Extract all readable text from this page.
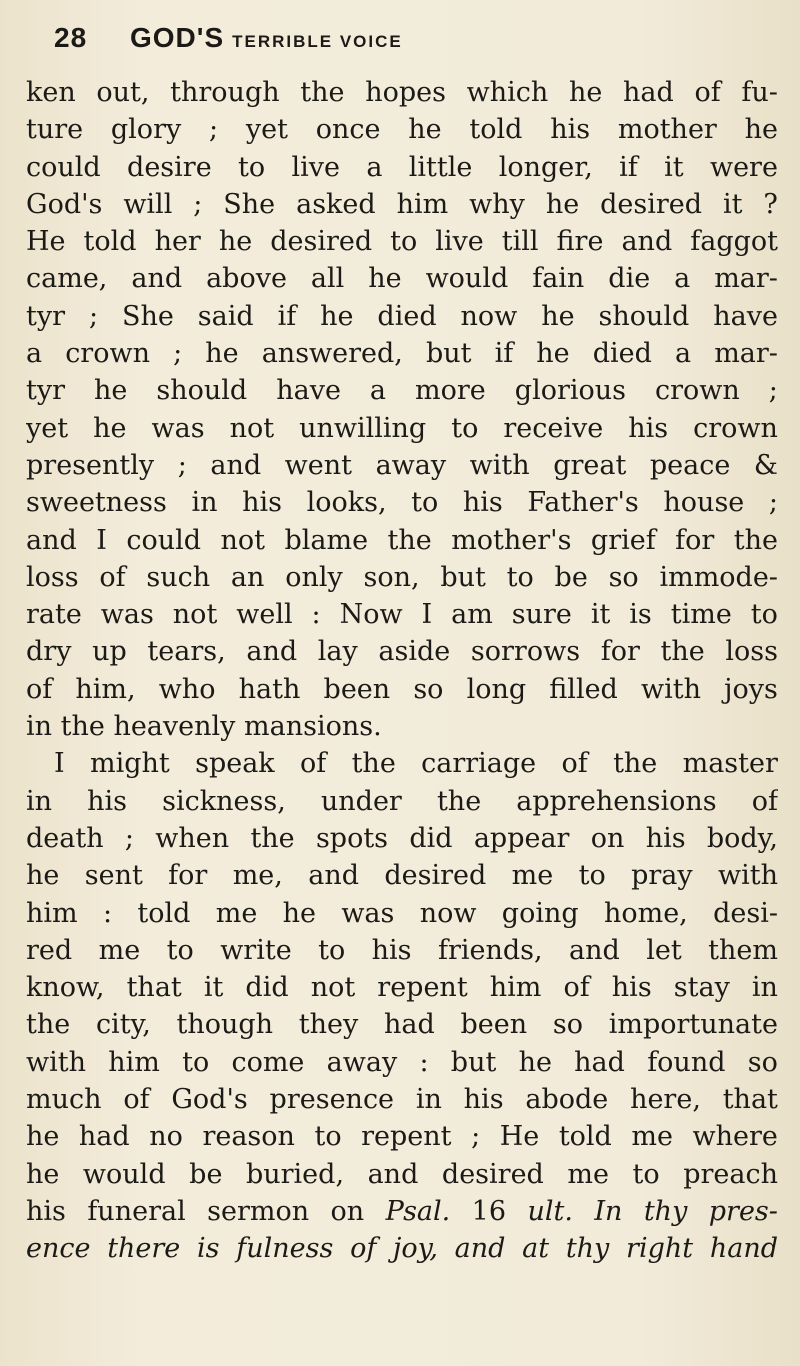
28	GOD'S TERRIBLE VOICE
ken out, through the hopes which he had of fu-
ture glory ; yet once he told his mother he
could desire to live a little longer, if it were
God's will ; She asked him why he desired it ?
He told her he desired to live till fire and faggot
came, and above all he would fain die a mar-
tyr ; She said if he died now he should have
a crown ; he answered, but if he died a mar-
tyr he should have a more glorious crown ;
yet he was not unwilling to receive his crown
presently ; and went away with great peace &
sweetness in his looks, to his Father's house ;
and I could not blame the mother's grief for the
loss of such an only son, but to be so immode-
rate was not well : Now I am sure it is time to
dry up tears, and lay aside sorrows for the loss
of him, who hath been so long filled with joys
in
the
heavenly
mansions.

I might speak of the carriage of the master
in his sickness, under the apprehensions of
death ; when the spots did appear on his body,
he sent for me, and desired me to pray with
him : told me he was now going home, desi-
red me to write to his friends, and let them
know, that it did not repent him of his stay in
the city, though they had been so importunate
with him to come away : but he had found so
much of God's presence in his abode here, that
he had no reason to repent ; He told me where
he would be buried, and desired me to preach
his funeral sermon on Psal. 16 ult. In thy pres-
ence there is fulness of joy, and at thy right hand
